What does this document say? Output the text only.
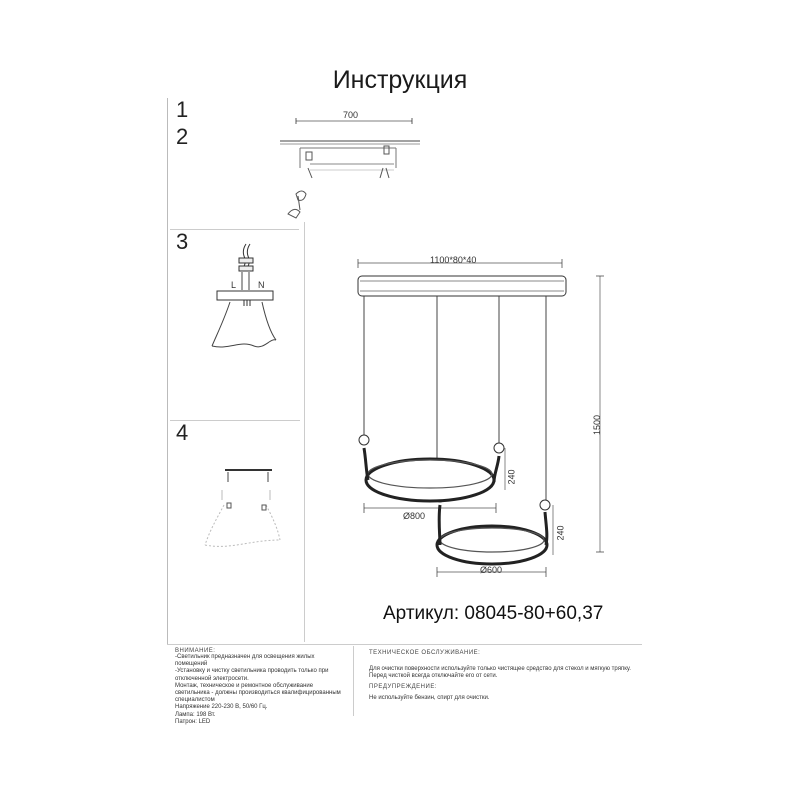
Инструкция
1
2
3
4
700
L N
1100*80*40
1500
240
240
Ø800
Ø600
Артикул: 08045-80+60,37
ВНИМАНИЕ:
-Светильник предназначен для освещения жилых
помещений
-Установку и чистку светильника проводить только при
отключенной электросети.
Монтаж, техническое и ремонтное обслуживание
светильника - должны производиться квалифицированным
специалистом
Напряжение 220-230 В, 50/60 Гц.
Лампа: 198 Вт.
Патрон: LED
ТЕХНИЧЕСКОЕ ОБСЛУЖИВАНИЕ:
Для очистки поверхности используйте только чистящее средство для стекол и мягкую тряпку.
Перед чисткой всегда отключайте его от сети.
ПРЕДУПРЕЖДЕНИЕ:
Не используйте бензин, спирт для очистки.
